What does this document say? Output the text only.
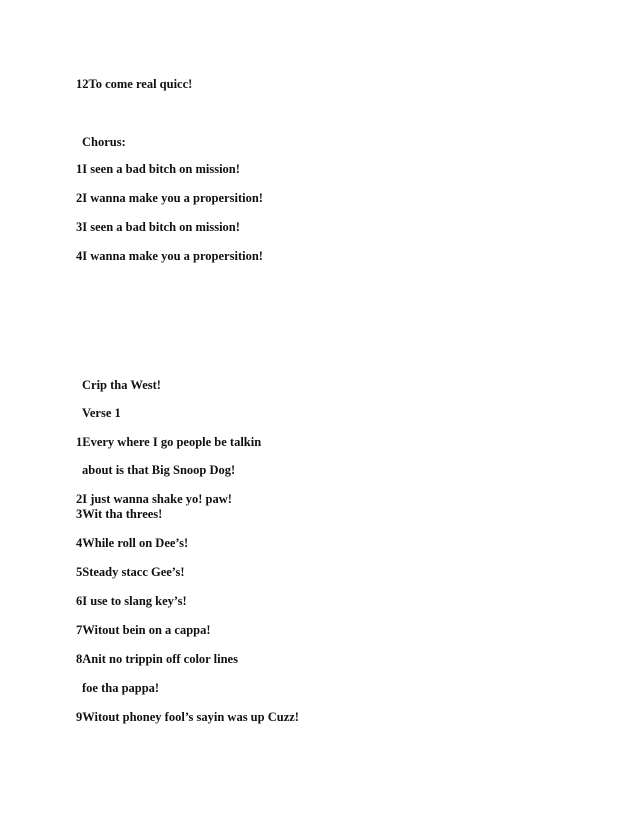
12To come real quicc!
Chorus:
1I seen a bad bitch on mission!
2I wanna make you a propersition!
3I seen a bad bitch on mission!
4I wanna make you a propersition!
Crip tha West!
Verse 1
1Every where I go people be talkin
about is that Big Snoop Dog!
2I just wanna shake yo! paw!
3Wit tha threes!
4While roll on Dee’s!
5Steady stacc Gee’s!
6I use to slang key’s!
7Witout bein on a cappa!
8Anit no trippin off color lines
foe tha pappa!
9Witout phoney fool’s sayin was up Cuzz!
